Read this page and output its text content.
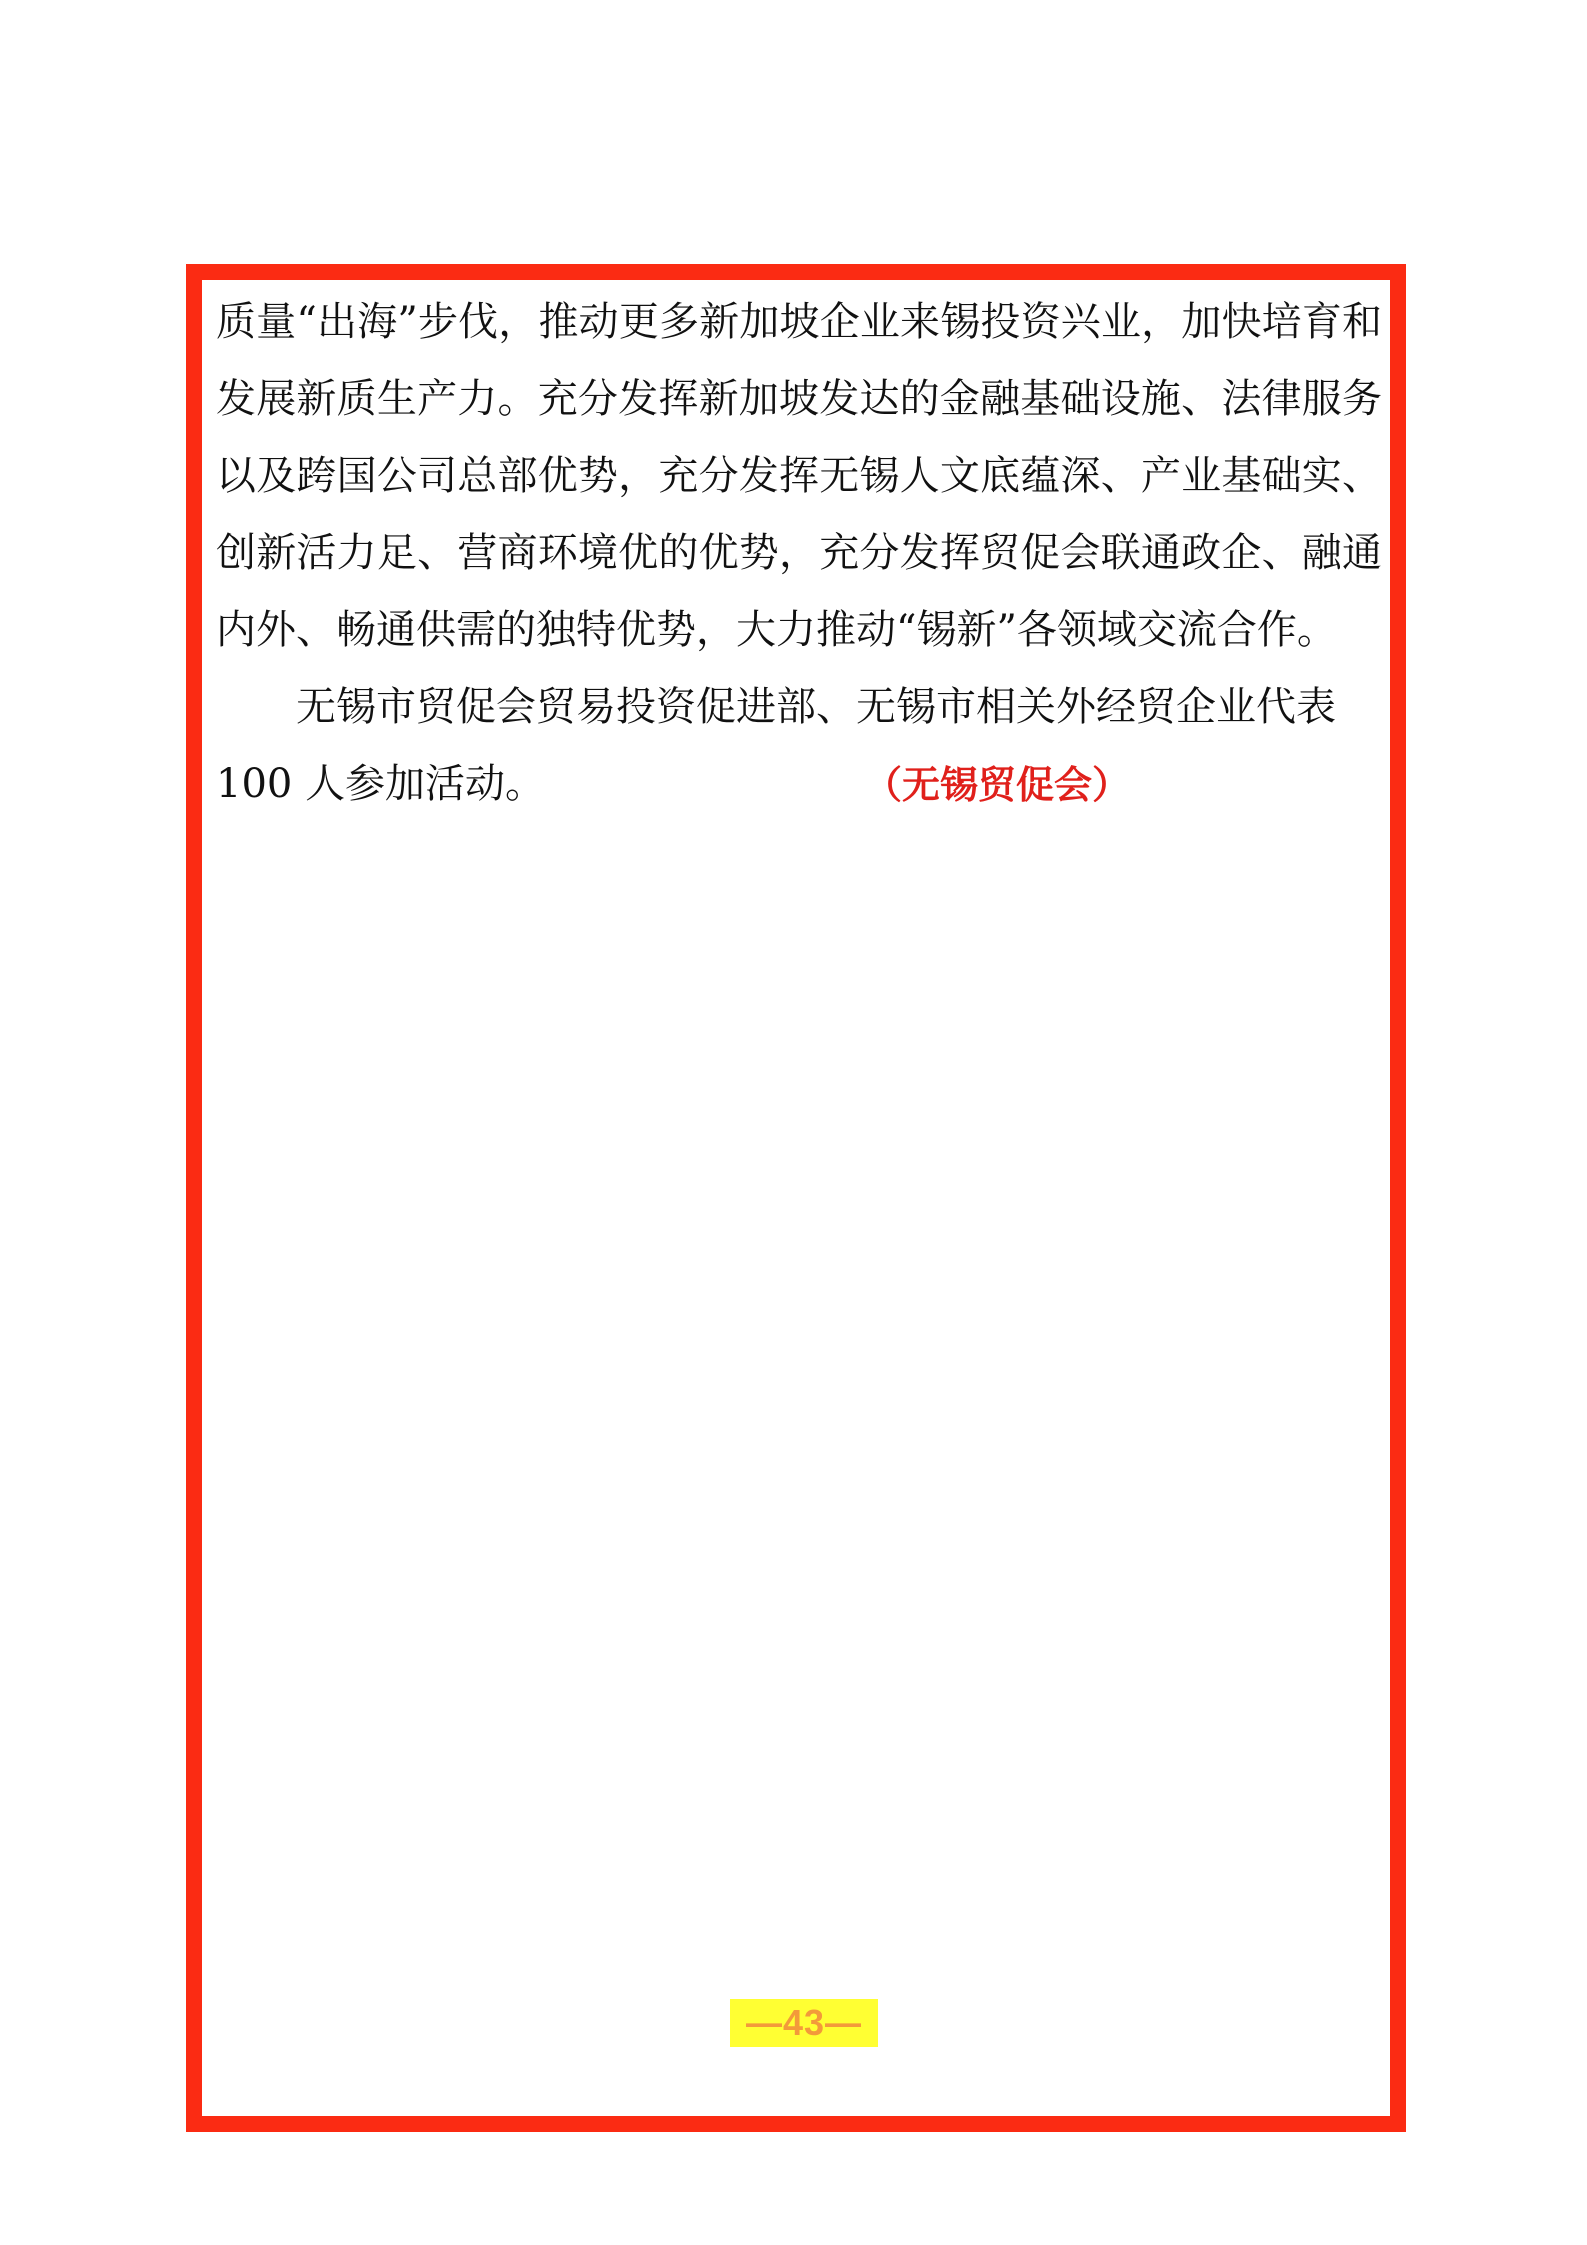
质量“出海”步伐，推动更多新加坡企业来锡投资兴业，加快培育和发展新质生产力。充分发挥新加坡发达的金融基础设施、法律服务以及跨国公司总部优势，充分发挥无锡人文底蕴深、产业基础实、创新活力足、营商环境优的优势，充分发挥贸促会联通政企、融通内外、畅通供需的独特优势，大力推动“锡新”各领域交流合作。

无锡市贸促会贸易投资促进部、无锡市相关外经贸企业代表

100 人参加活动。	（无锡贸促会）
—43—
